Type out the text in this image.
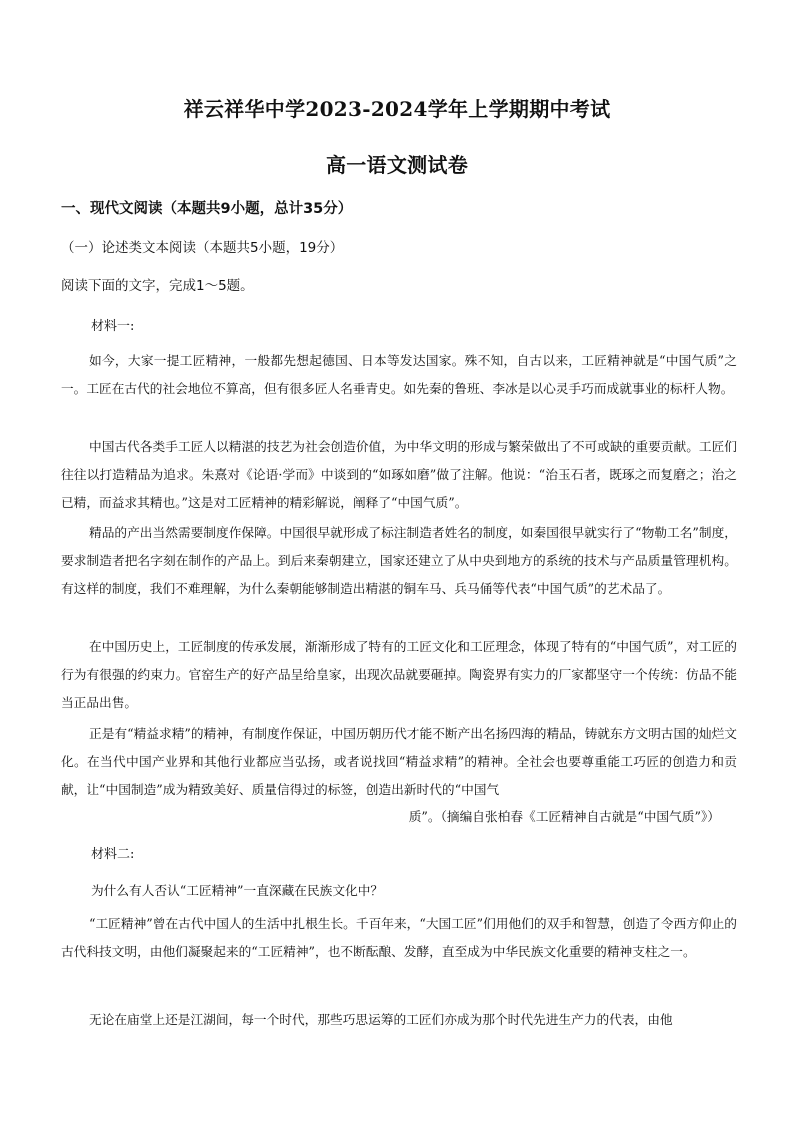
祥云祥华中学2023-2024学年上学期期中考试
高一语文测试卷

一、现代文阅读（本题共9小题，总计35分）

（一）论述类文本阅读（本题共5小题，19分）

阅读下面的文字，完成1～5题。

材料一:

如今，大家一提工匠精神，一般都先想起德国、日本等发达国家。殊不知，自古以来，工匠精神就是“中国气质”之一。工匠在古代的社会地位不算高，但有很多匠人名垂青史。如先秦的鲁班、李冰是以心灵手巧而成就事业的标杆人物。

中国古代各类手工匠人以精湛的技艺为社会创造价值，为中华文明的形成与繁荣做出了不可或缺的重要贡献。工匠们往往以打造精品为追求。朱熹对《论语·学而》中谈到的“如琢如磨”做了注解。他说：“治玉石者，既琢之而复磨之；治之已精，而益求其精也。”这是对工匠精神的精彩解说，阐释了“中国气质”。

精品的产出当然需要制度作保障。中国很早就形成了标注制造者姓名的制度，如秦国很早就实行了“物勒工名”制度，要求制造者把名字刻在制作的产品上。到后来秦朝建立，国家还建立了从中央到地方的系统的技术与产品质量管理机构。有这样的制度，我们不难理解，为什么秦朝能够制造出精湛的铜车马、兵马俑等代表“中国气质”的艺术品了。

在中国历史上，工匠制度的传承发展，渐渐形成了特有的工匠文化和工匠理念，体现了特有的“中国气质”，对工匠的行为有很强的约束力。官窑生产的好产品呈给皇家，出现次品就要砸掉。陶瓷界有实力的厂家都坚守一个传统：仿品不能当正品出售。

正是有“精益求精”的精神，有制度作保证，中国历朝历代才能不断产出名扬四海的精品，铸就东方文明古国的灿烂文化。在当代中国产业界和其他行业都应当弘扬，或者说找回“精益求精”的精神。全社会也要尊重能工巧匠的创造力和贡献，让“中国制造”成为精致美好、质量信得过的标签，创造出新时代的“中国气

质”。（摘编自张柏春《工匠精神自古就是“中国气质”》）

材料二:

为什么有人否认“工匠精神”一直深藏在民族文化中？

“工匠精神”曾在古代中国人的生活中扎根生长。千百年来，“大国工匠”们用他们的双手和智慧，创造了令西方仰止的古代科技文明，由他们凝聚起来的“工匠精神”，也不断酝酿、发酵，直至成为中华民族文化重要的精神支柱之一。

无论在庙堂上还是江湖间，每一个时代，那些巧思运筹的工匠们亦成为那个时代先进生产力的代表，由他
